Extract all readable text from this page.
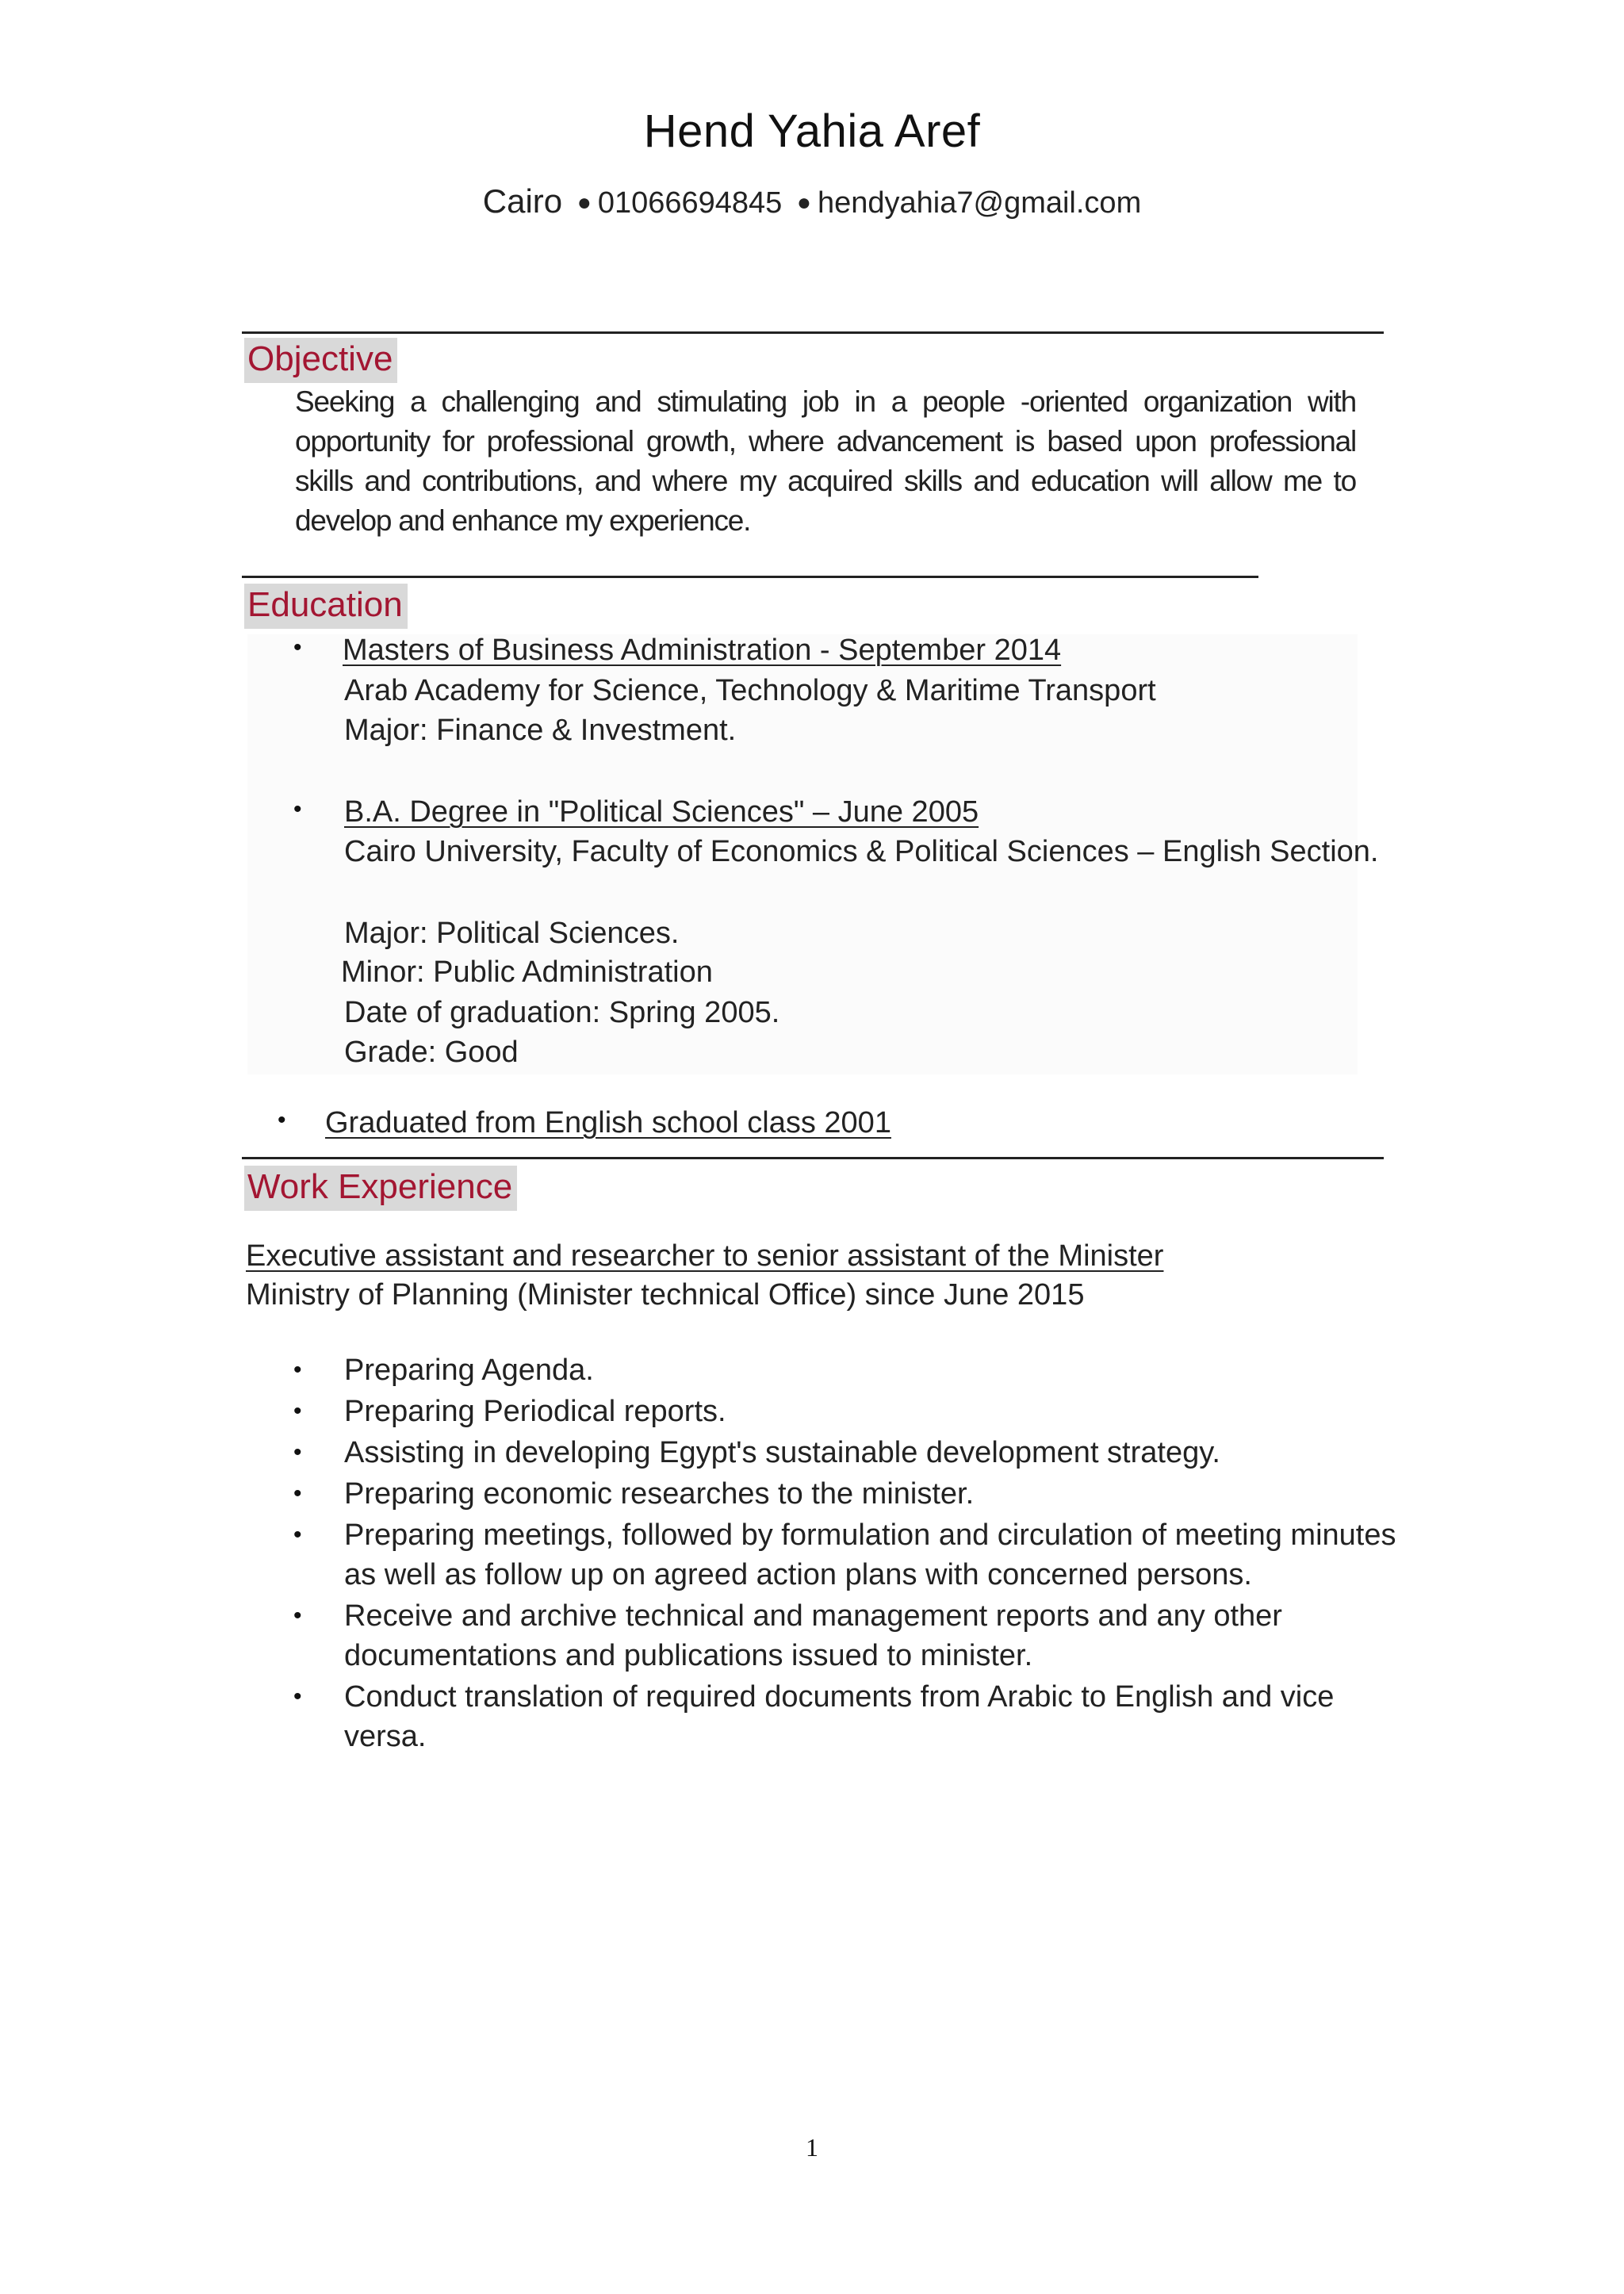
Hend Yahia Aref
Cairo ● 01066694845 ● hendyahia7@gmail.com
Objective

Seeking a challenging and stimulating job in a people -oriented organization with opportunity for professional growth, where advancement is based upon professional skills and contributions, and where my acquired skills and education will allow me to develop and enhance my experience.

Education
• Masters of Business Administration - September 2014
Arab Academy for Science, Technology & Maritime Transport
Major: Finance & Investment.
• B.A. Degree in "Political Sciences" – June 2005
Cairo University, Faculty of Economics & Political Sciences – English Section.
Major: Political Sciences.
Minor: Public Administration
Date of graduation: Spring 2005.
Grade: Good
• Graduated from English school class 2001
Work Experience
Executive assistant and researcher to senior assistant of the Minister
Ministry of Planning (Minister technical Office) since June 2015
• Preparing Agenda.
• Preparing Periodical reports.
• Assisting in developing Egypt's sustainable development strategy.
• Preparing economic researches to the minister.
• Preparing meetings, followed by formulation and circulation of meeting minutes as well as follow up on agreed action plans with concerned persons.
• Receive and archive technical and management reports and any other documentations and publications issued to minister.
• Conduct translation of required documents from Arabic to English and vice versa.
1
